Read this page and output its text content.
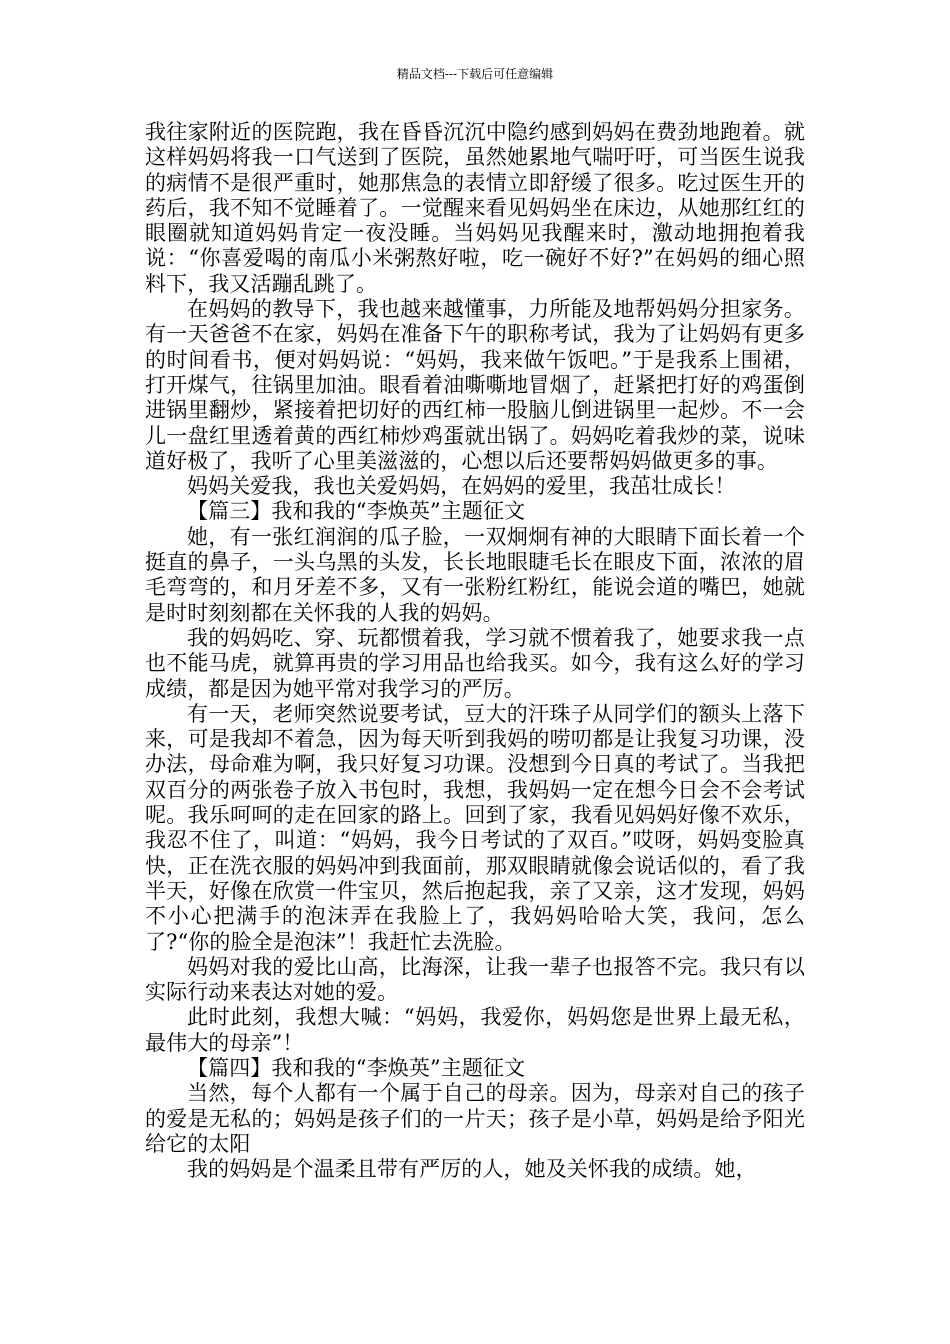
精品文档---下载后可任意编辑

我往家附近的医院跑，我在昏昏沉沉中隐约感到妈妈在费劲地跑着。就这样妈妈将我一口气送到了医院，虽然她累地气喘吁吁，可当医生说我的病情不是很严重时，她那焦急的表情立即舒缓了很多。吃过医生开的药后，我不知不觉睡着了。一觉醒来看见妈妈坐在床边，从她那红红的眼圈就知道妈妈肯定一夜没睡。当妈妈见我醒来时，激动地拥抱着我说：“你喜爱喝的南瓜小米粥熬好啦，吃一碗好不好?”在妈妈的细心照料下，我又活蹦乱跳了。

在妈妈的教导下，我也越来越懂事，力所能及地帮妈妈分担家务。有一天爸爸不在家，妈妈在准备下午的职称考试，我为了让妈妈有更多的时间看书，便对妈妈说：“妈妈，我来做午饭吧。”于是我系上围裙，打开煤气，往锅里加油。眼看着油嘶嘶地冒烟了，赶紧把打好的鸡蛋倒进锅里翻炒，紧接着把切好的西红柿一股脑儿倒进锅里一起炒。不一会儿一盘红里透着黄的西红柿炒鸡蛋就出锅了。妈妈吃着我炒的菜，说味道好极了，我听了心里美滋滋的，心想以后还要帮妈妈做更多的事。

妈妈关爱我，我也关爱妈妈，在妈妈的爱里，我茁壮成长！

【篇三】我和我的“李焕英”主题征文

她，有一张红润润的瓜子脸，一双炯炯有神的大眼睛下面长着一个挺直的鼻子，一头乌黑的头发，长长地眼睫毛长在眼皮下面，浓浓的眉毛弯弯的，和月牙差不多，又有一张粉红粉红，能说会道的嘴巴，她就是时时刻刻都在关怀我的人我的妈妈。

我的妈妈吃、穿、玩都惯着我，学习就不惯着我了，她要求我一点也不能马虎，就算再贵的学习用品也给我买。如今，我有这么好的学习成绩，都是因为她平常对我学习的严厉。

有一天，老师突然说要考试，豆大的汗珠子从同学们的额头上落下来，可是我却不着急，因为每天听到我妈的唠叨都是让我复习功课，没办法，母命难为啊，我只好复习功课。没想到今日真的考试了。当我把双百分的两张卷子放入书包时，我想，我妈妈一定在想今日会不会考试呢。我乐呵呵的走在回家的路上。回到了家，我看见妈妈好像不欢乐，我忍不住了，叫道：“妈妈，我今日考试的了双百。”哎呀，妈妈变脸真快，正在洗衣服的妈妈冲到我面前，那双眼睛就像会说话似的，看了我半天，好像在欣赏一件宝贝，然后抱起我，亲了又亲，这才发现，妈妈不小心把满手的泡沫弄在我脸上了，我妈妈哈哈大笑，我问，怎么了?“你的脸全是泡沫”！我赶忙去洗脸。

妈妈对我的爱比山高，比海深，让我一辈子也报答不完。我只有以实际行动来表达对她的爱。

此时此刻，我想大喊：“妈妈，我爱你，妈妈您是世界上最无私，最伟大的母亲”！

【篇四】我和我的“李焕英”主题征文

当然，每个人都有一个属于自己的母亲。因为，母亲对自己的孩子的爱是无私的；妈妈是孩子们的一片天；孩子是小草，妈妈是给予阳光给它的太阳

我的妈妈是个温柔且带有严厉的人，她及关怀我的成绩。她，
